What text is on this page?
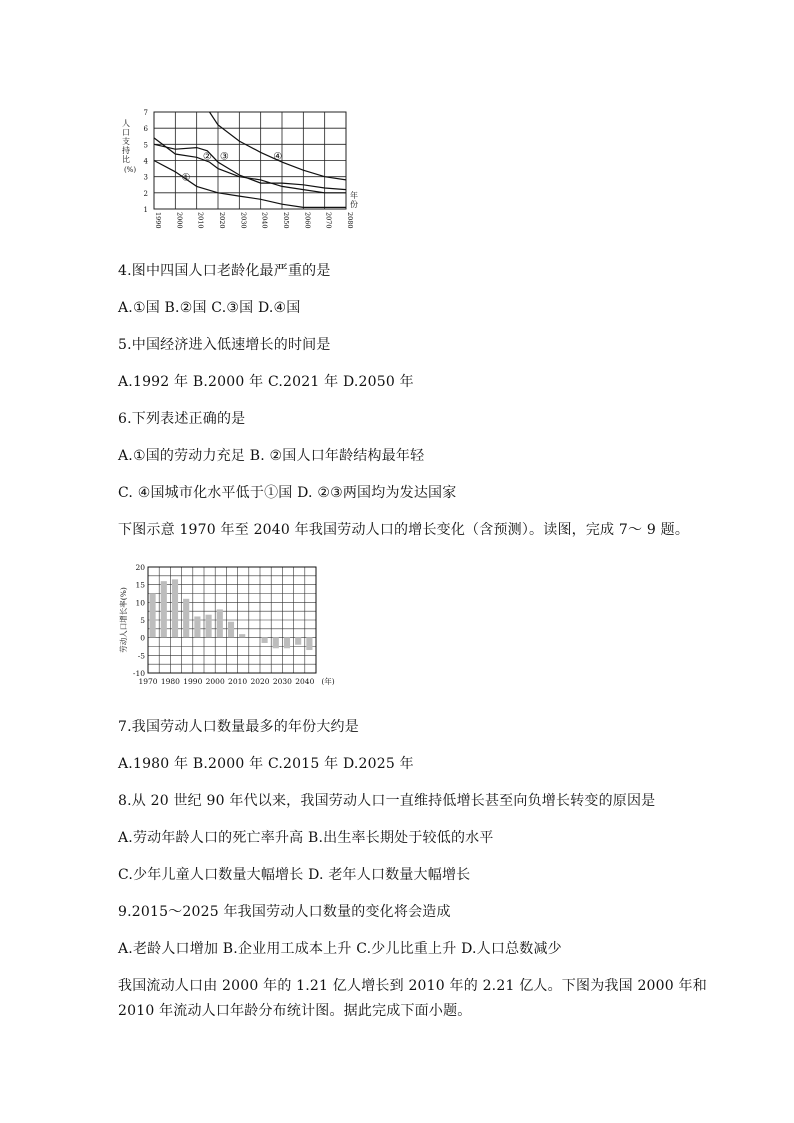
1
2
3
4
5
6
7
1990 2000 2010 2020 2030 2040 2050 2060 2070 2080
人口支持比(%)
年份
①
② ③	④
4.图中四国人口老龄化最严重的是
A.①国 B.②国 C.③国 D.④国
5.中国经济进入低速增长的时间是
A.1992 年 B.2000 年 C.2021 年 D.2050 年
6.下列表述正确的是
A.①国的劳动力充足 B. ②国人口年龄结构最年轻
C. ④国城市化水平低于①国 D. ②③两国均为发达国家
下图示意 1970 年至 2040 年我国劳动人口的增长变化（含预测）。读图，完成 7～ 9 题。
20
15
10
5
0
-5
-10
1970 1980 1990 2000 2010 2020 2030 2040
劳动人口增长率(%)
(年)
7.我国劳动人口数量最多的年份大约是
A.1980 年 B.2000 年 C.2015 年 D.2025 年
8.从 20 世纪 90 年代以来，我国劳动人口一直维持低增长甚至向负增长转变的原因是
A.劳动年龄人口的死亡率升高 B.出生率长期处于较低的水平
C.少年儿童人口数量大幅增长 D. 老年人口数量大幅增长
9.2015～2025 年我国劳动人口数量的变化将会造成
A.老龄人口增加 B.企业用工成本上升 C.少儿比重上升 D.人口总数减少
我国流动人口由 2000 年的 1.21 亿人增长到 2010 年的 2.21 亿人。下图为我国 2000 年和
2010 年流动人口年龄分布统计图。据此完成下面小题。
